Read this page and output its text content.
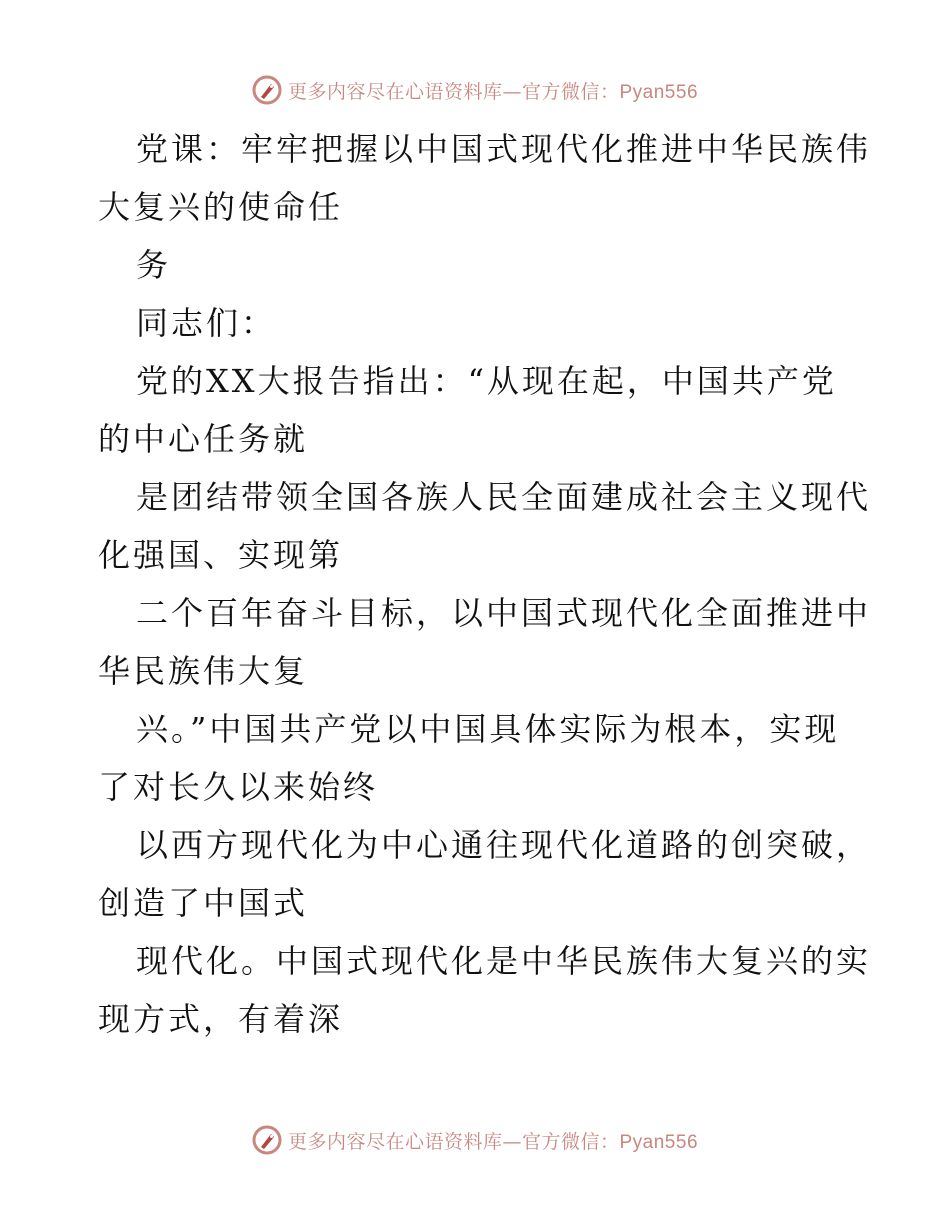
更多内容尽在心语资料库—官方微信：Pyan556
党课：牢牢把握以中国式现代化推进中华民族伟
大复兴的使命任
务
同志们：
党的XX大报告指出：“从现在起，中国共产党
的中心任务就
是团结带领全国各族人民全面建成社会主义现代
化强国、实现第
二个百年奋斗目标，以中国式现代化全面推进中
华民族伟大复
兴。”中国共产党以中国具体实际为根本，实现
了对长久以来始终
以西方现代化为中心通往现代化道路的创突破，
创造了中国式
现代化。中国式现代化是中华民族伟大复兴的实
现方式，有着深
更多内容尽在心语资料库—官方微信：Pyan556
